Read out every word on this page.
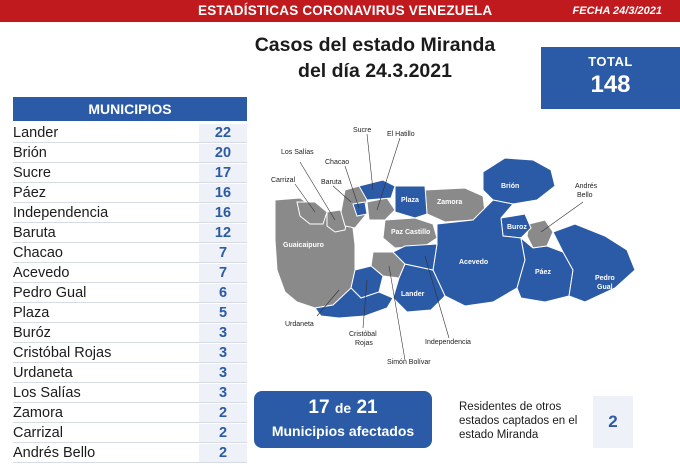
ESTADÍSTICAS CORONAVIRUS VENEZUELA	FECHA 24/3/2021
Casos del estado Miranda
del día 24.3.2021	TOTAL
148
MUNICIPIOS
Lander	22
Brión	20
Sucre	17
Páez	16
Independencia	16
Baruta	12
Chacao	7
Acevedo	7
Pedro Gual	6
Plaza	5
Buróz	3
Cristóbal Rojas	3
Urdaneta	3
Los Salías	3
Zamora	2
Carrizal	2
Andrés Bello	2
Los Salías
Sucre
El Hatillo
Chacao
Carrizal	Baruta
Andrés
Bello
Urdaneta
Cristóbal
Rojas	Independencia
Simón Bolívar
Plaza	Zamora
Brión
Guaicaipuro
Paz Castillo
Buroz
Acevedo
Páez
Lander
Pedro
Gual
17 de 21
Municipios afectados
Residentes de otros estados captados en el estado Miranda
2
